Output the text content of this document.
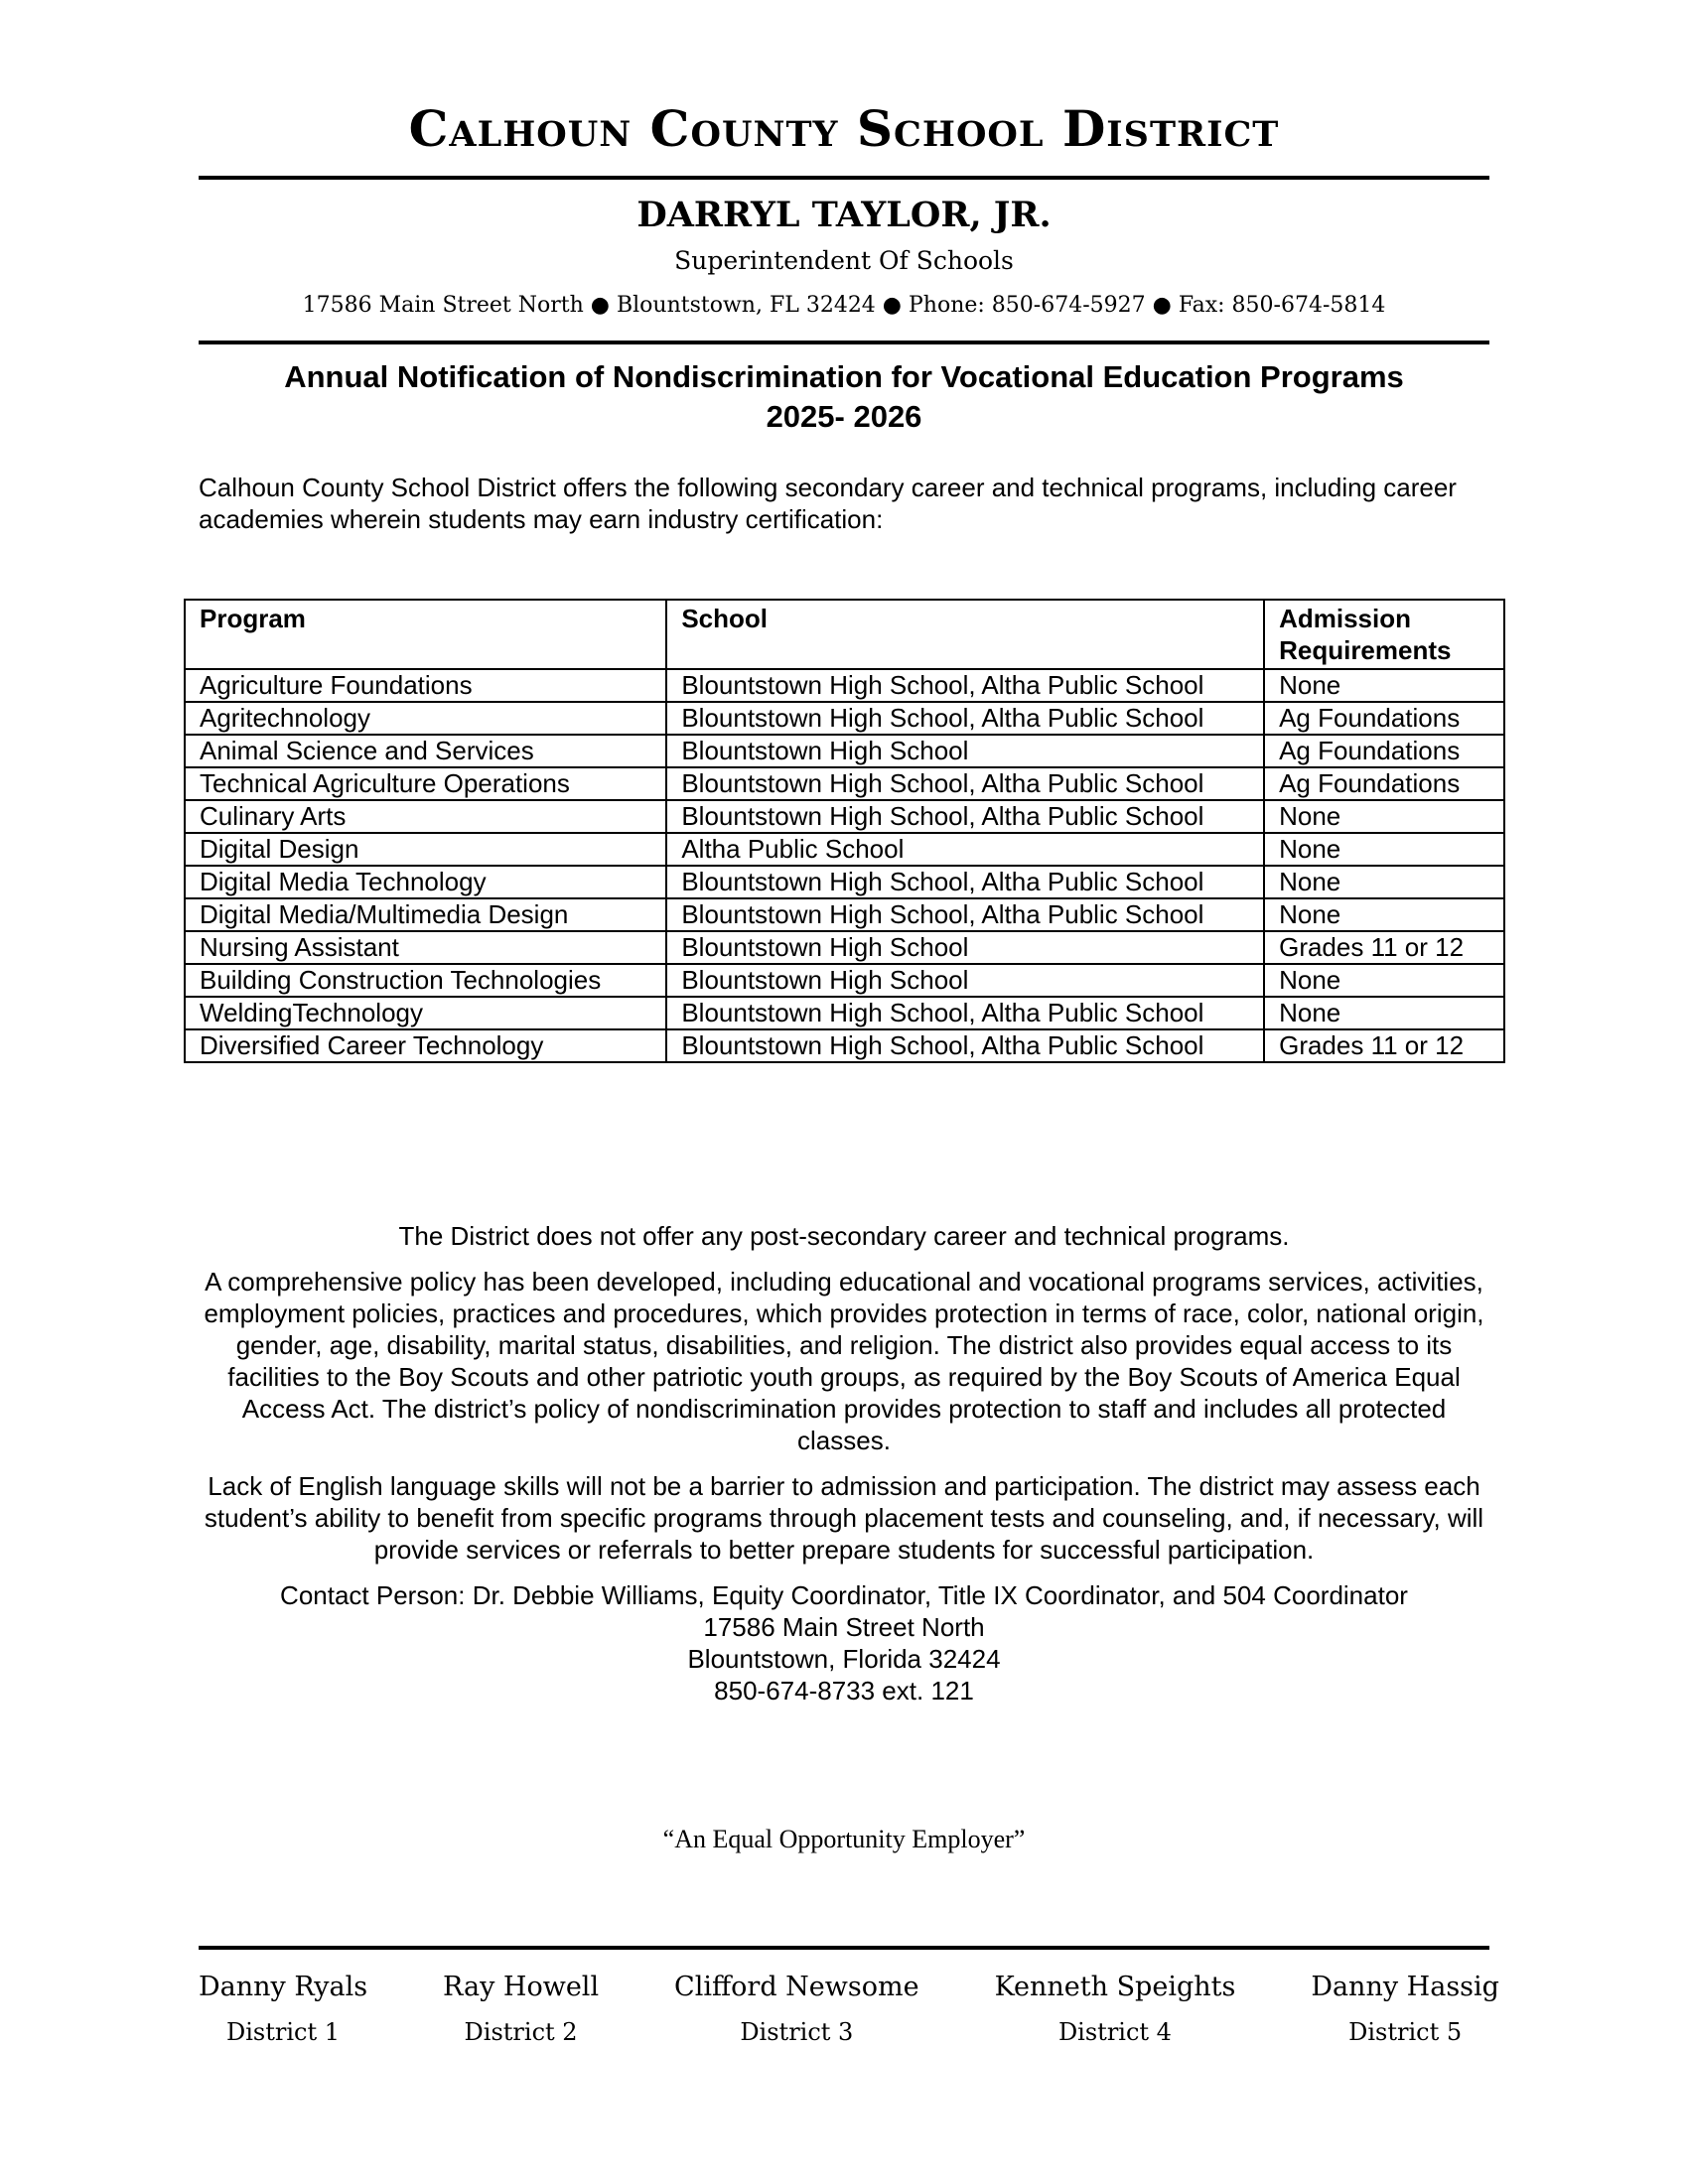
Calhoun County School District
DARRYL TAYLOR, JR.
Superintendent Of Schools
17586 Main Street North ● Blountstown, FL 32424 ● Phone: 850-674-5927 ● Fax: 850-674-5814
Annual Notification of Nondiscrimination for Vocational Education Programs
2025- 2026
Calhoun County School District offers the following secondary career and technical programs, including career academies wherein students may earn industry certification:
Program	School	Admission Requirements
Agriculture Foundations	Blountstown High School, Altha Public School	None
Agritechnology	Blountstown High School, Altha Public School	Ag Foundations
Animal Science and Services	Blountstown High School	Ag Foundations
Technical Agriculture Operations	Blountstown High School, Altha Public School	Ag Foundations
Culinary Arts	Blountstown High School, Altha Public School	None
Digital Design	Altha Public School	None
Digital Media Technology	Blountstown High School, Altha Public School	None
Digital Media/Multimedia Design	Blountstown High School, Altha Public School	None
Nursing Assistant	Blountstown High School	Grades 11 or 12
Building Construction Technologies	Blountstown High School	None
WeldingTechnology	Blountstown High School, Altha Public School	None
Diversified Career Technology	Blountstown High School, Altha Public School	Grades 11 or 12

The District does not offer any post-secondary career and technical programs.

A comprehensive policy has been developed, including educational and vocational programs services, activities, employment policies, practices and procedures, which provides protection in terms of race, color, national origin, gender, age, disability, marital status, disabilities, and religion. The district also provides equal access to its facilities to the Boy Scouts and other patriotic youth groups, as required by the Boy Scouts of America Equal Access Act. The district’s policy of nondiscrimination provides protection to staff and includes all protected classes.

Lack of English language skills will not be a barrier to admission and participation. The district may assess each student’s ability to benefit from specific programs through placement tests and counseling, and, if necessary, will provide services or referrals to better prepare students for successful participation.

Contact Person: Dr. Debbie Williams, Equity Coordinator, Title IX Coordinator, and 504 Coordinator
17586 Main Street North
Blountstown, Florida 32424
850-674-8733 ext. 121
“An Equal Opportunity Employer”
Danny Ryals
District 1
Ray Howell
District 2
Clifford Newsome
District 3
Kenneth Speights
District 4
Danny Hassig
District 5
